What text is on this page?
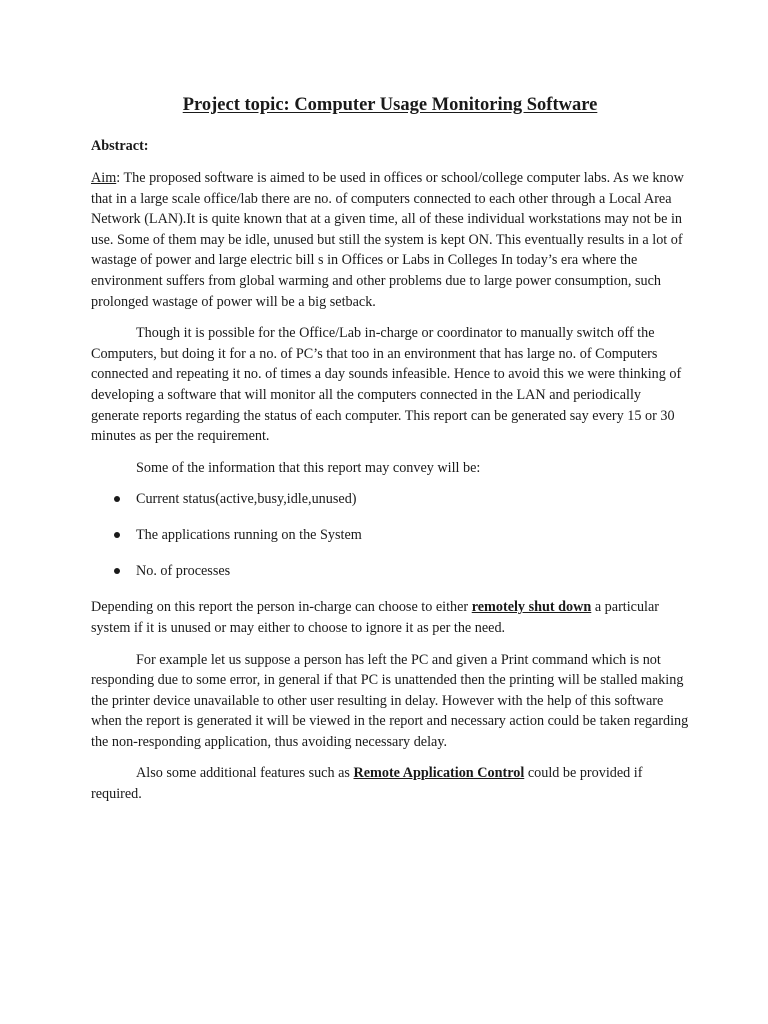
Project topic: Computer Usage Monitoring Software
Abstract:

Aim: The proposed software is aimed to be used in offices or school/college computer labs. As we know that in a large scale office/lab there are no. of computers connected to each other through a Local Area Network (LAN).It is quite known that at a given time, all of these individual workstations may not be in use. Some of them may be idle, unused but still the system is kept ON. This eventually results in a lot of wastage of power and large electric bill s in Offices or Labs in Colleges In today’s era where the environment suffers from global warming and other problems due to large power consumption, such prolonged wastage of power will be a big setback.

Though it is possible for the Office/Lab in-charge or coordinator to manually switch off the Computers, but doing it for a no. of PC’s that too in an environment that has large no. of Computers connected and repeating it no. of times a day sounds infeasible. Hence to avoid this we were thinking of developing a software that will monitor all the computers connected in the LAN and periodically generate reports regarding the status of each computer. This report can be generated say every 15 or 30 minutes as per the requirement.

Some of the information that this report may convey will be:

Current status(active,busy,idle,unused)
The applications running on the System
No. of processes

Depending on this report the person in-charge can choose to either remotely shut down a particular system if it is unused or may either to choose to ignore it as per the need.

For example let us suppose a person has left the PC and given a Print command which is not responding due to some error, in general if that PC is unattended then the printing will be stalled making the printer device unavailable to other user resulting in delay. However with the help of this software when the report is generated it will be viewed in the report and necessary action could be taken regarding the non-responding application, thus avoiding necessary delay.

Also some additional features such as Remote Application Control could be provided if required.
